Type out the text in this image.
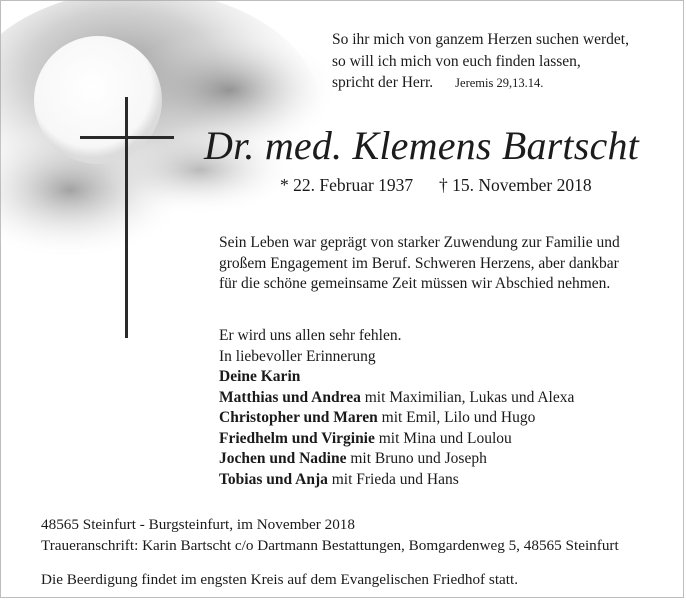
So ihr mich von ganzem Herzen suchen werdet,
so will ich mich von euch finden lassen,
spricht der Herr. Jeremis 29,13.14.
Dr. med. Klemens Bartscht
* 22. Februar 1937 † 15. November 2018
Sein Leben war geprägt von starker Zuwendung zur Familie und
großem Engagement im Beruf. Schweren Herzens, aber dankbar
für die schöne gemeinsame Zeit müssen wir Abschied nehmen.
Er wird uns allen sehr fehlen.
In liebevoller Erinnerung
Deine Karin
Matthias und Andrea mit Maximilian, Lukas und Alexa
Christopher und Maren mit Emil, Lilo und Hugo
Friedhelm und Virginie mit Mina und Loulou
Jochen und Nadine mit Bruno und Joseph
Tobias und Anja mit Frieda und Hans
48565 Steinfurt - Burgsteinfurt, im November 2018
Traueranschrift: Karin Bartscht c/o Dartmann Bestattungen, Bomgardenweg 5, 48565 Steinfurt
Die Beerdigung findet im engsten Kreis auf dem Evangelischen Friedhof statt.
